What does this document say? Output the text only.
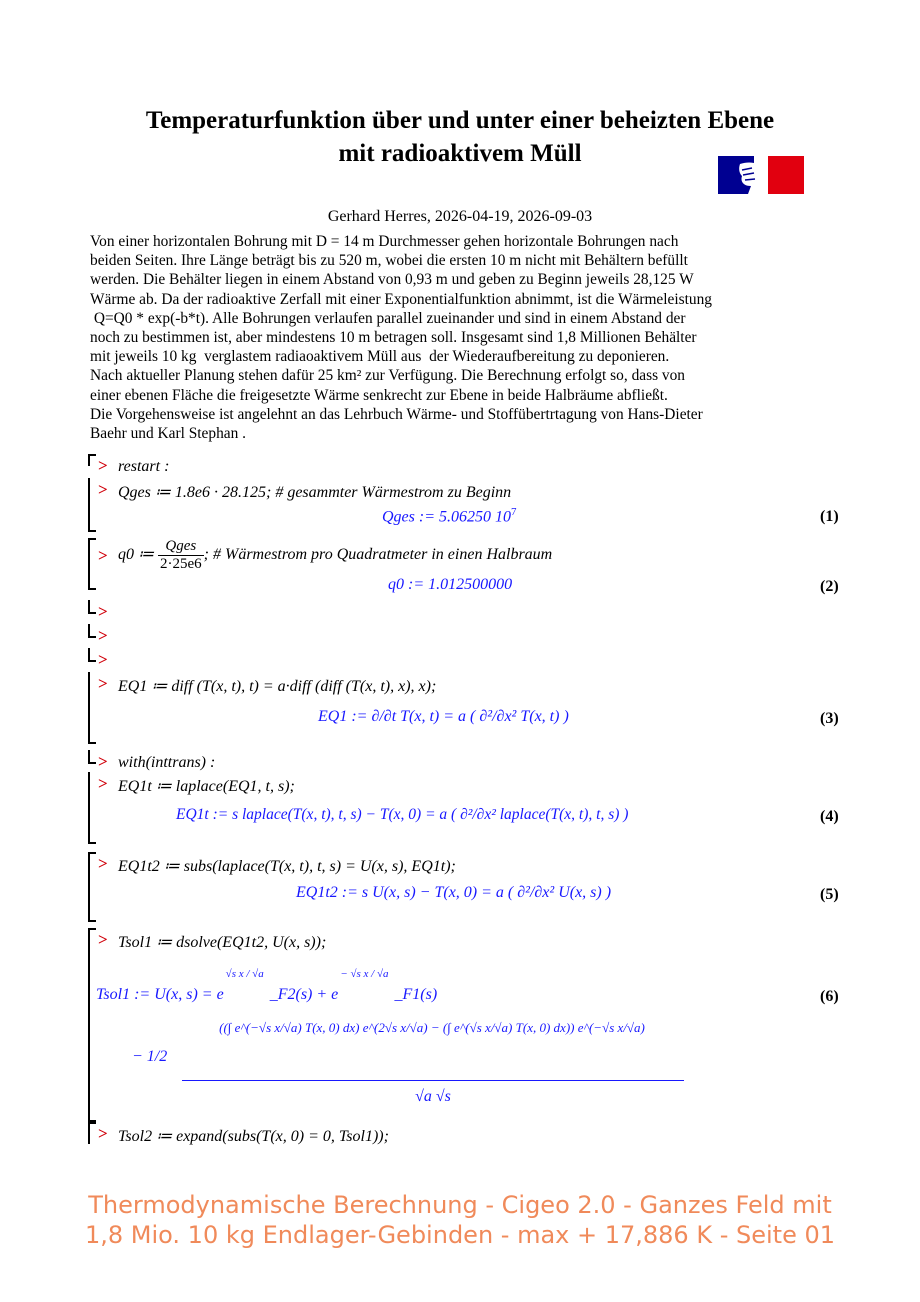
Temperaturfunktion über und unter einer beheizten Ebene
mit radioaktivem Müll
Gerhard Herres, 2026-04-19, 2026-09-03
Von einer horizontalen Bohrung mit D = 14 m Durchmesser gehen horizontale Bohrungen nach
beiden Seiten. Ihre Länge beträgt bis zu 520 m, wobei die ersten 10 m nicht mit Behältern befüllt
werden. Die Behälter liegen in einem Abstand von 0,93 m und geben zu Beginn jeweils 28,125 W
Wärme ab. Da der radioaktive Zerfall mit einer Exponentialfunktion abnimmt, ist die Wärmeleistung
Q=Q0 * exp(-b*t). Alle Bohrungen verlaufen parallel zueinander und sind in einem Abstand der
noch zu bestimmen ist, aber mindestens 10 m betragen soll. Insgesamt sind 1,8 Millionen Behälter
mit jeweils 10 kg  verglastem radiaoaktivem Müll aus  der Wiederaufbereitung zu deponieren.
Nach aktueller Planung stehen dafür 25 km² zur Verfügung. Die Berechnung erfolgt so, dass von
einer ebenen Fläche die freigesetzte Wärme senkrecht zur Ebene in beide Halbräume abfließt.
Die Vorgehensweise ist angelehnt an das Lehrbuch Wärme- und Stoffübertrtagung von Hans-Dieter
Baehr und Karl Stephan .
> restart :
> Qges ≔ 1.8e6 · 28.125; # gesammter Wärmestrom zu Beginn
Qges := 5.06250 $10^7$	(1)
> q0 ≔ $\frac{\text{Qges}}{2\cdot 25e6}$ ; # Wärmestrom pro Quadratmeter in einen Halbraum
q0 := 1.012500000	(2)
>
>
>
> EQ1 ≔ diff (T(x, t), t) = a·diff (diff (T(x, t), x), x);
EQ1 := ∂/∂t T(x, t) = a ( ∂²/∂x² T(x, t) )	(3)
> with(inttrans) :
> EQ1t ≔ laplace(EQ1, t, s);
EQ1t := s laplace(T(x, t), t, s) − T(x, 0) = a ( ∂²/∂x² laplace(T(x, t), t, s) )	(4)
> EQ1t2 ≔ subs(laplace(T(x, t), t, s) = U(x, s), EQ1t);
EQ1t2 := s U(x, s) − T(x, 0) = a ( ∂²/∂x² U(x, s) )	(5)
> Tsol1 ≔ dsolve(EQ1t2, U(x, s));
Tsol1 := U(x, $s) = e^{√s x / √a}\_F2(s)$ + $e^{- √s x / √a}\_F1(s)$	(6)
− 1/2
((∫ e^(−√s x/√a) T(x, 0) dx) e^(2√s x/√a) − (∫ e^(√s x/√a) T(x, 0) dx)) e^(−√s x/√a)
√a √s
> Tsol2 ≔ expand(subs(T(x, 0) = 0, Tsol1));
Thermodynamische Berechnung - Cigeo 2.0 - Ganzes Feld mit
1,8 Mio. 10 kg Endlager-Gebinden - max + 17,886 K - Seite 01
